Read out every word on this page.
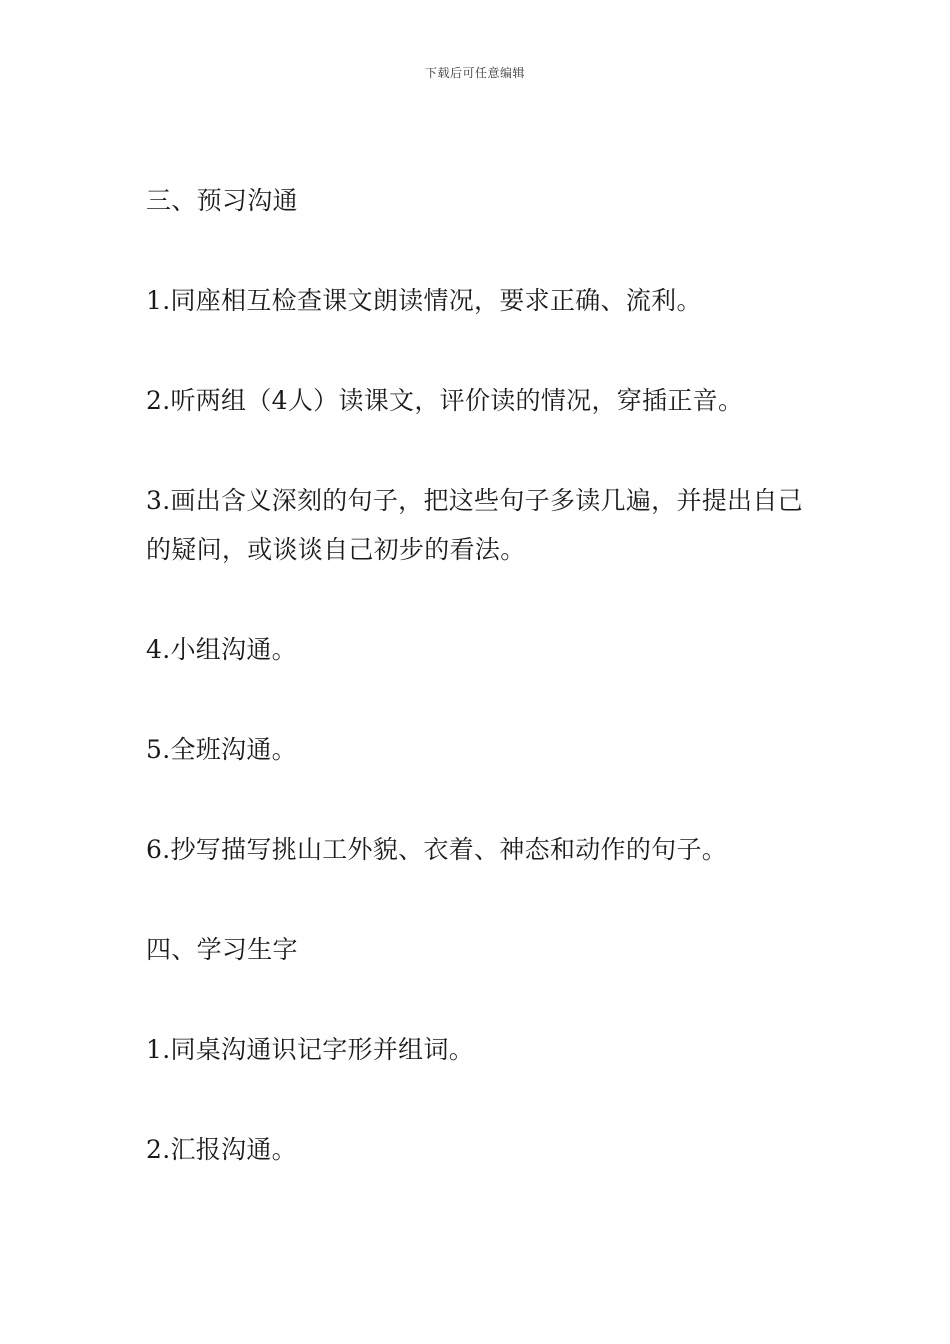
下载后可任意编辑

三、预习沟通

1.同座相互检查课文朗读情况，要求正确、流利。

2.听两组（4人）读课文，评价读的情况，穿插正音。

3.画出含义深刻的句子，把这些句子多读几遍，并提出自己的疑问，或谈谈自己初步的看法。

4.小组沟通。

5.全班沟通。

6.抄写描写挑山工外貌、衣着、神态和动作的句子。

四、学习生字

1.同桌沟通识记字形并组词。

2.汇报沟通。
